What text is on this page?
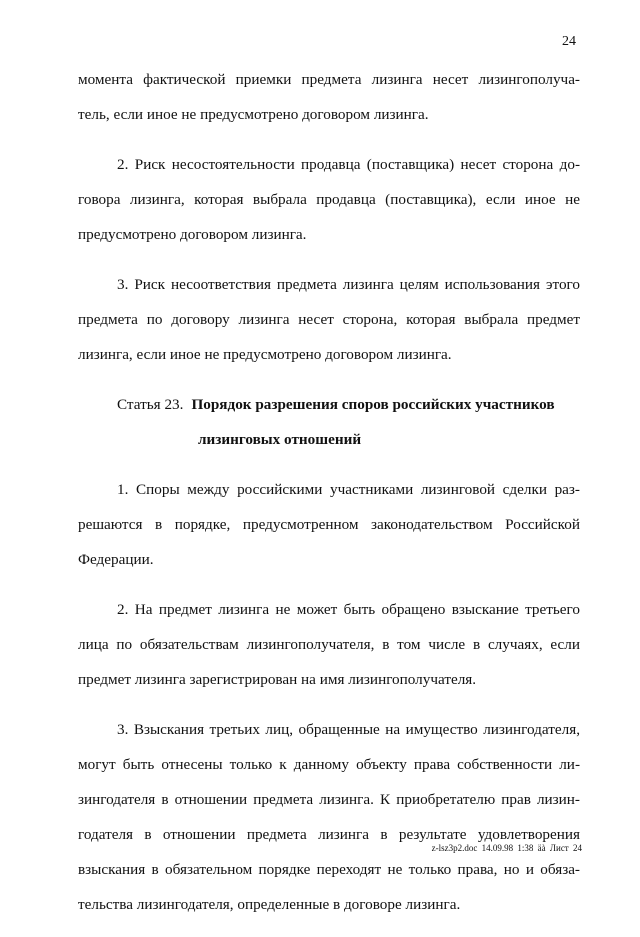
24
момента фактической приемки предмета лизинга несет лизингополуча-
тель, если иное не предусмотрено договором лизинга.
2. Риск несостоятельности продавца (поставщика) несет сторона до-
говора лизинга, которая выбрала продавца (поставщика), если иное не
предусмотрено договором лизинга.
3. Риск несоответствия предмета лизинга целям использования этого
предмета по договору лизинга несет сторона, которая выбрала предмет
лизинга, если иное не предусмотрено договором лизинга.
Статья 23. Порядок разрешения споров российских участников
лизинговых отношений
1. Споры между российскими участниками лизинговой сделки раз-
решаются в порядке, предусмотренном законодательством Российской
Федерации.
2. На предмет лизинга не может быть обращено взыскание третьего
лица по обязательствам лизингополучателя, в том числе в случаях, если
предмет лизинга зарегистрирован на имя лизингополучателя.
3. Взыскания третьих лиц, обращенные на имущество лизингодателя,
могут быть отнесены только к данному объекту права собственности ли-
зингодателя в отношении предмета лизинга. К приобретателю прав лизин-
годателя в отношении предмета лизинга в результате удовлетворения
взыскания в обязательном порядке переходят не только права, но и обяза-
тельства лизингодателя, определенные в договоре лизинга.
z-lsz3p2.doc 14.09.98 1:38 äà Лист 24
